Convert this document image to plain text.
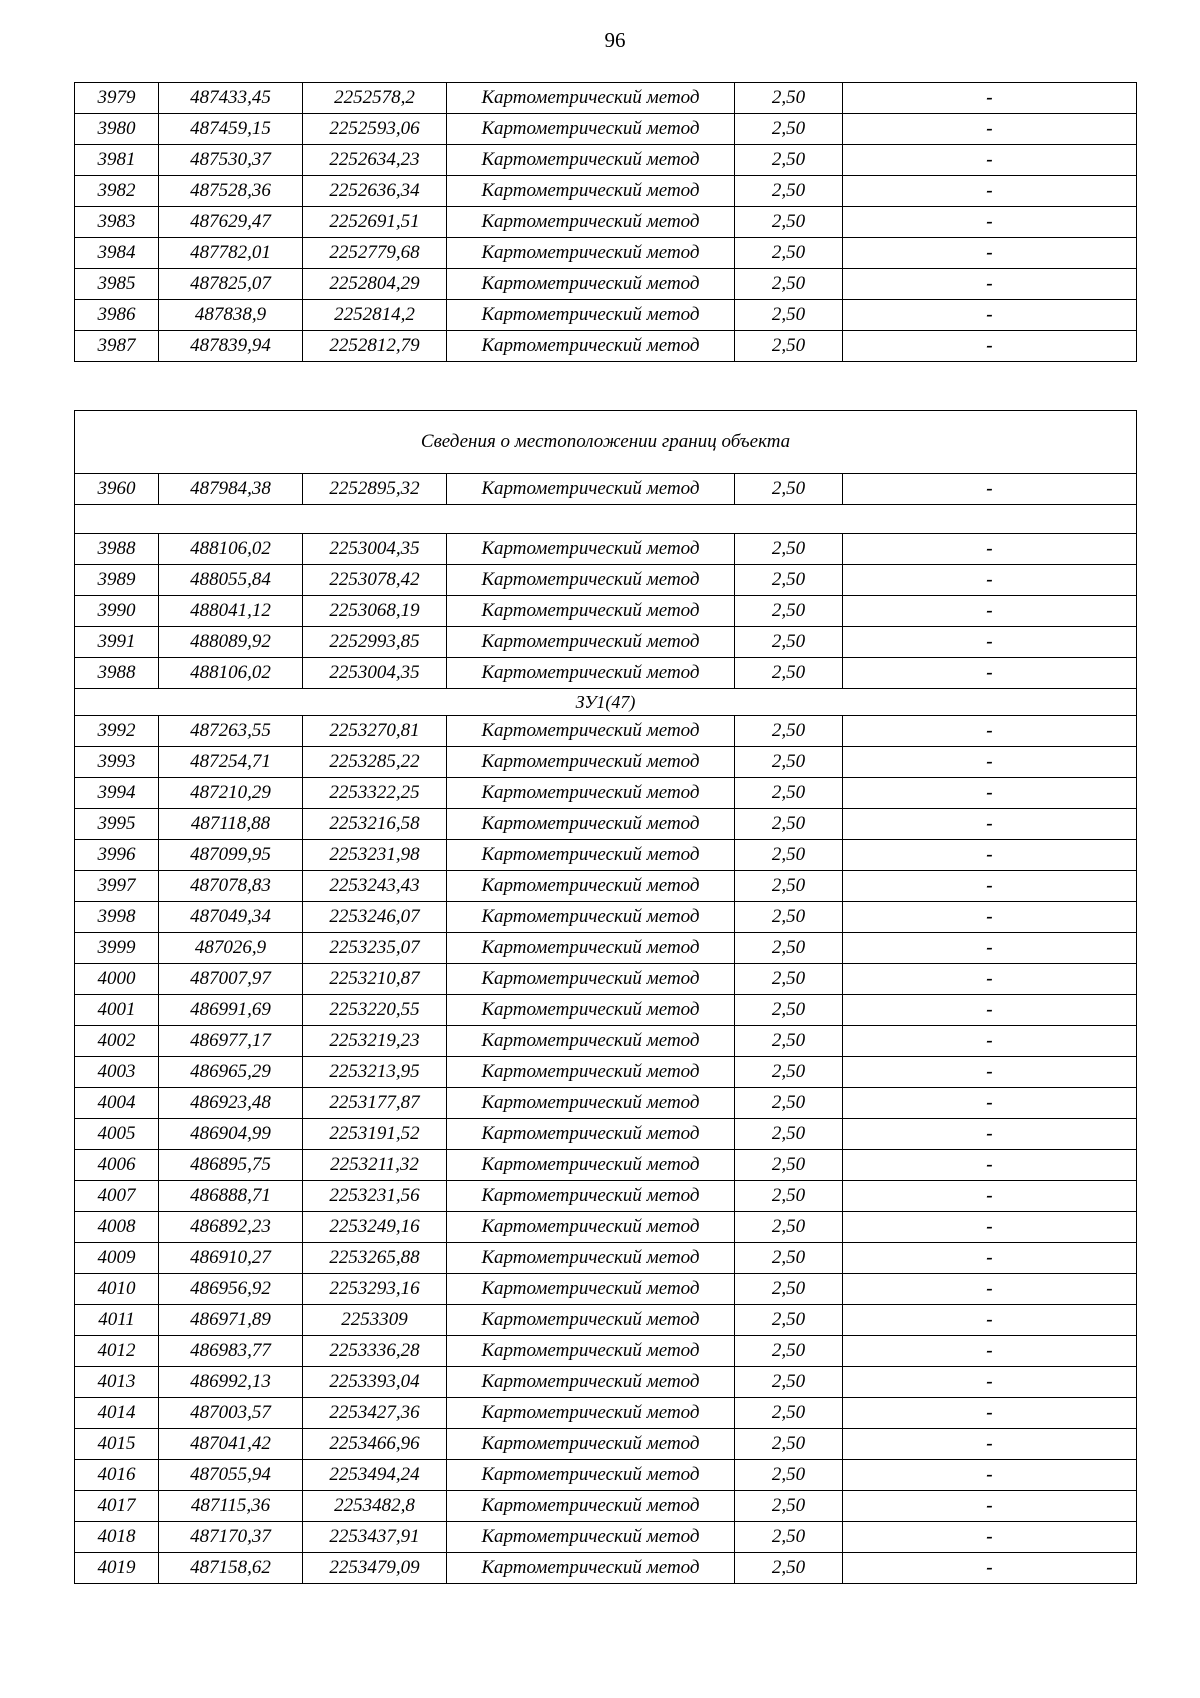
96
3979	487433,45	2252578,2	Картометрический метод	2,50	-
3980	487459,15	2252593,06	Картометрический метод	2,50	-
3981	487530,37	2252634,23	Картометрический метод	2,50	-
3982	487528,36	2252636,34	Картометрический метод	2,50	-
3983	487629,47	2252691,51	Картометрический метод	2,50	-
3984	487782,01	2252779,68	Картометрический метод	2,50	-
3985	487825,07	2252804,29	Картометрический метод	2,50	-
3986	487838,9	2252814,2	Картометрический метод	2,50	-
3987	487839,94	2252812,79	Картометрический метод	2,50	-
Сведения о местоположении границ объекта					
3960	487984,38	2252895,32	Картометрический метод	2,50	-

3988	488106,02	2253004,35	Картометрический метод	2,50	-
3989	488055,84	2253078,42	Картометрический метод	2,50	-
3990	488041,12	2253068,19	Картометрический метод	2,50	-
3991	488089,92	2252993,85	Картометрический метод	2,50	-
3988	488106,02	2253004,35	Картометрический метод	2,50	-
ЗУ1(47)					
3992	487263,55	2253270,81	Картометрический метод	2,50	-
3993	487254,71	2253285,22	Картометрический метод	2,50	-
3994	487210,29	2253322,25	Картометрический метод	2,50	-
3995	487118,88	2253216,58	Картометрический метод	2,50	-
3996	487099,95	2253231,98	Картометрический метод	2,50	-
3997	487078,83	2253243,43	Картометрический метод	2,50	-
3998	487049,34	2253246,07	Картометрический метод	2,50	-
3999	487026,9	2253235,07	Картометрический метод	2,50	-
4000	487007,97	2253210,87	Картометрический метод	2,50	-
4001	486991,69	2253220,55	Картометрический метод	2,50	-
4002	486977,17	2253219,23	Картометрический метод	2,50	-
4003	486965,29	2253213,95	Картометрический метод	2,50	-
4004	486923,48	2253177,87	Картометрический метод	2,50	-
4005	486904,99	2253191,52	Картометрический метод	2,50	-
4006	486895,75	2253211,32	Картометрический метод	2,50	-
4007	486888,71	2253231,56	Картометрический метод	2,50	-
4008	486892,23	2253249,16	Картометрический метод	2,50	-
4009	486910,27	2253265,88	Картометрический метод	2,50	-
4010	486956,92	2253293,16	Картометрический метод	2,50	-
4011	486971,89	2253309	Картометрический метод	2,50	-
4012	486983,77	2253336,28	Картометрический метод	2,50	-
4013	486992,13	2253393,04	Картометрический метод	2,50	-
4014	487003,57	2253427,36	Картометрический метод	2,50	-
4015	487041,42	2253466,96	Картометрический метод	2,50	-
4016	487055,94	2253494,24	Картометрический метод	2,50	-
4017	487115,36	2253482,8	Картометрический метод	2,50	-
4018	487170,37	2253437,91	Картометрический метод	2,50	-
4019	487158,62	2253479,09	Картометрический метод	2,50	-
